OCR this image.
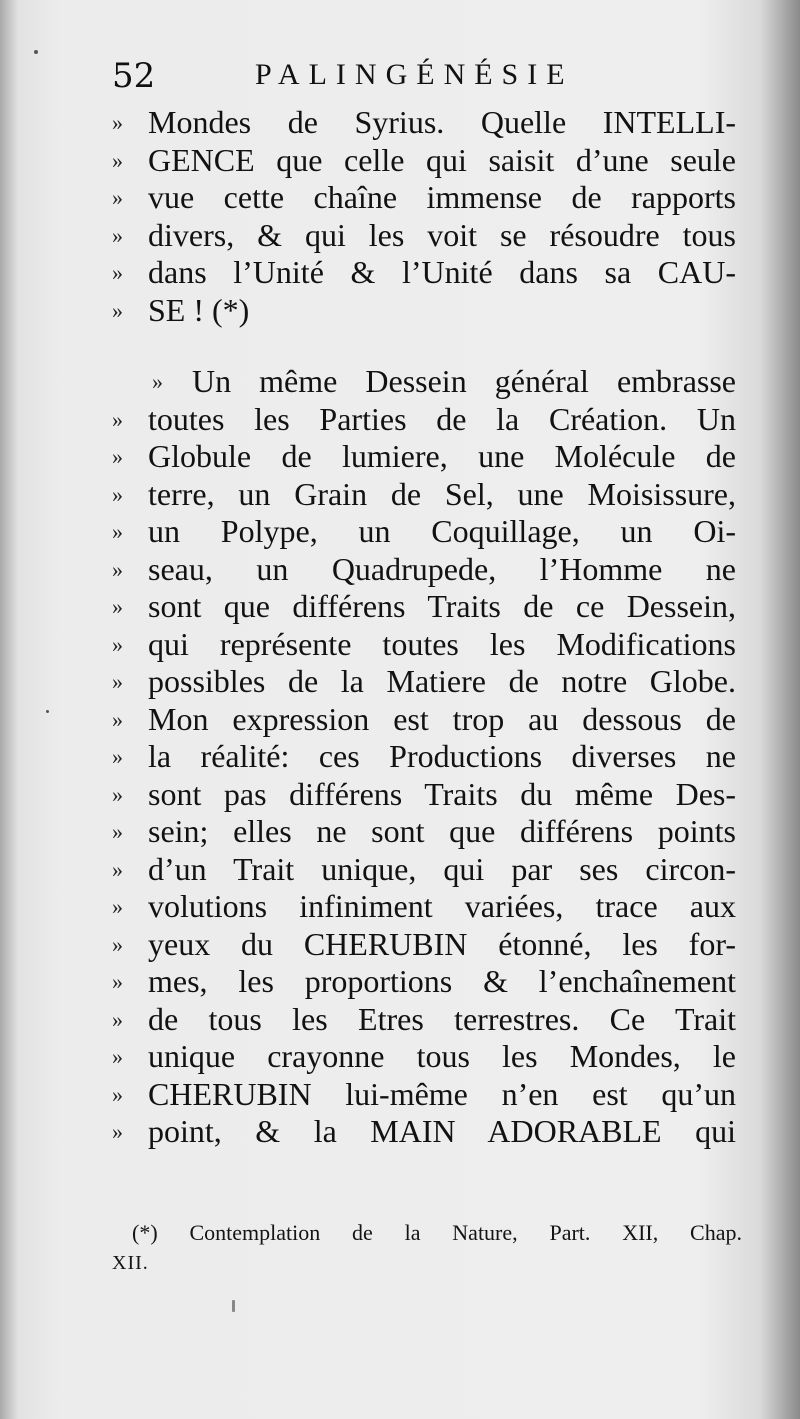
52	PALINGÉNÉSIE
» Mondes de Syrius. Quelle INTELLI-
» GENCE que celle qui saisit d’une seule
» vue cette chaîne immense de rapports
» divers, & qui les voit se résoudre tous
» dans l’Unité & l’Unité dans sa CAU-
» SE ! (*)
» Un même Dessein général embrasse
» toutes les Parties de la Création. Un
» Globule de lumiere, une Molécule de
» terre, un Grain de Sel, une Moisissure,
» un Polype, un Coquillage, un Oi-
» seau, un Quadrupede, l’Homme ne
» sont que différens Traits de ce Dessein,
» qui représente toutes les Modifications
» possibles de la Matiere de notre Globe.
» Mon expression est trop au dessous de
» la réalité: ces Productions diverses ne
» sont pas différens Traits du même Des-
» sein; elles ne sont que différens points
» d’un Trait unique, qui par ses circon-
» volutions infiniment variées, trace aux
» yeux du CHERUBIN étonné, les for-
» mes, les proportions & l’enchaînement
» de tous les Etres terrestres. Ce Trait
» unique crayonne tous les Mondes, le
» CHERUBIN lui-même n’en est qu’un
» point, & la MAIN ADORABLE qui
(*) Contemplation de la Nature, Part. XII, Chap.
XII.
